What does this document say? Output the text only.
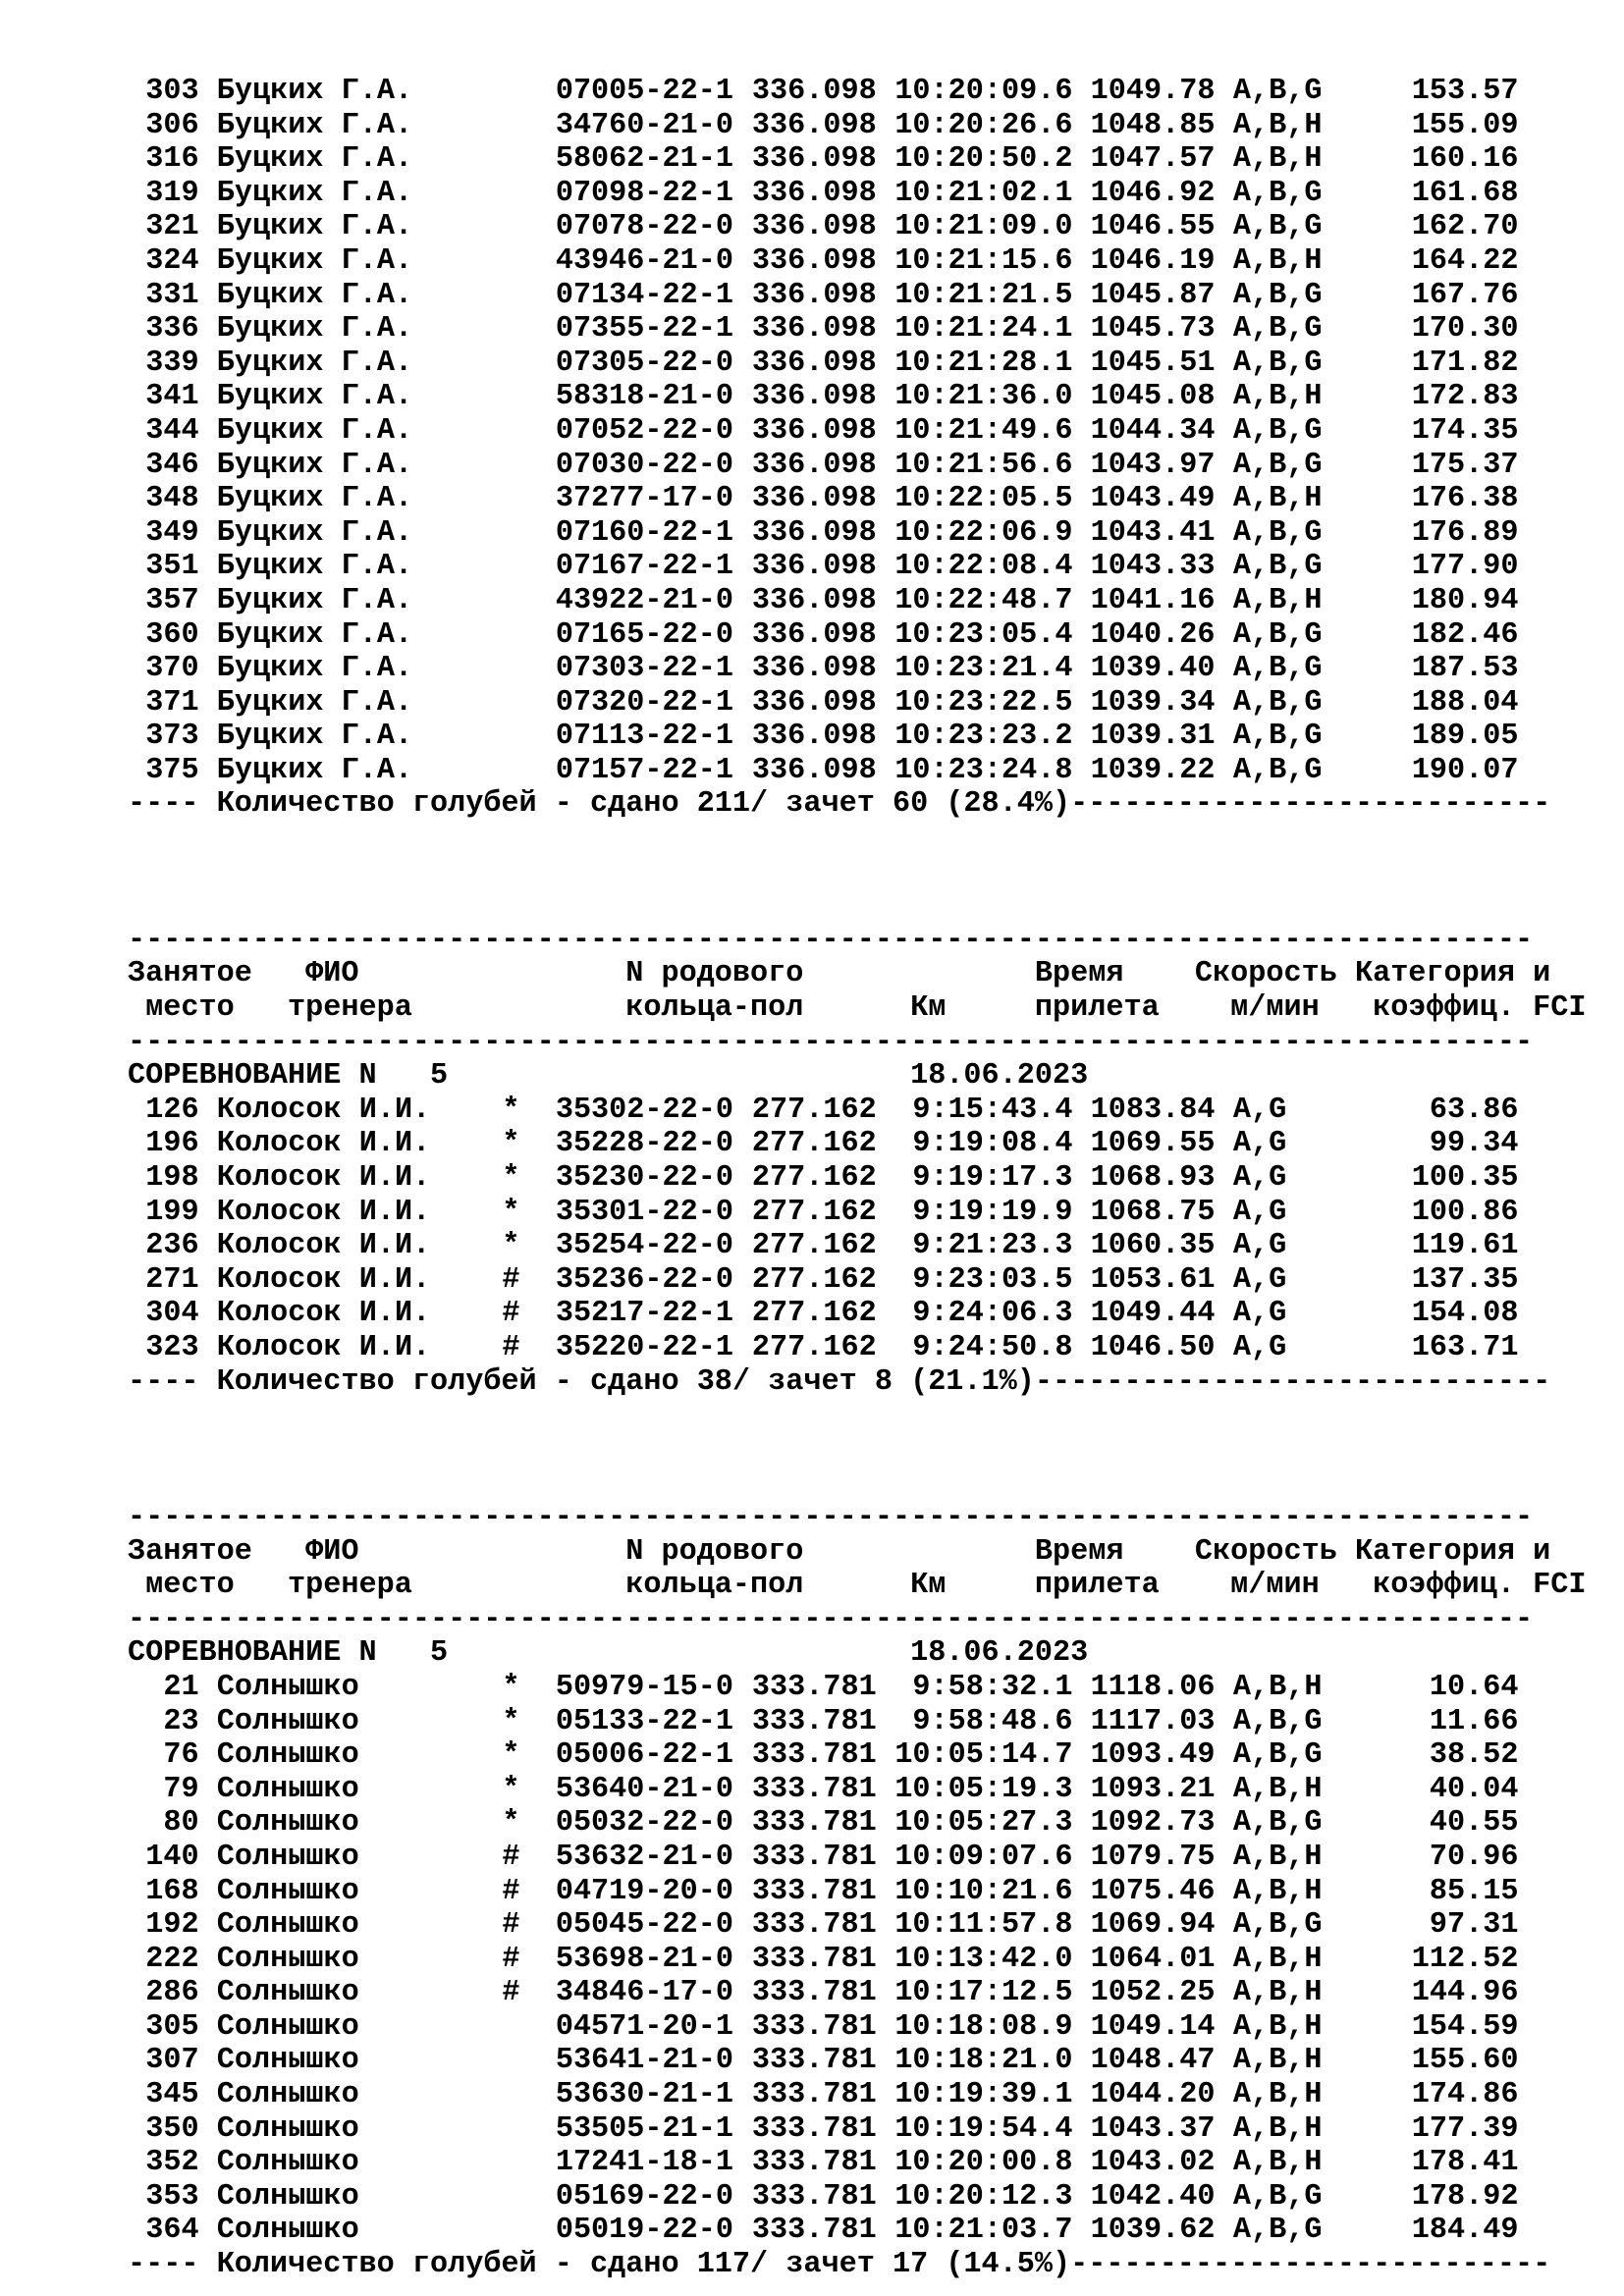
303 Буцких Г.А.	07005-22-1 336.098 10:20:09.6 1049.78 A,B,G	153.57
306 Буцких Г.А.	34760-21-0 336.098 10:20:26.6 1048.85 A,B,H	155.09
316 Буцких Г.А.	58062-21-1 336.098 10:20:50.2 1047.57 A,B,H	160.16
319 Буцких Г.А.	07098-22-1 336.098 10:21:02.1 1046.92 A,B,G	161.68
321 Буцких Г.А.	07078-22-0 336.098 10:21:09.0 1046.55 A,B,G	162.70
324 Буцких Г.А.	43946-21-0 336.098 10:21:15.6 1046.19 A,B,H	164.22
331 Буцких Г.А.	07134-22-1 336.098 10:21:21.5 1045.87 A,B,G	167.76
336 Буцких Г.А.	07355-22-1 336.098 10:21:24.1 1045.73 A,B,G	170.30
339 Буцких Г.А.	07305-22-0 336.098 10:21:28.1 1045.51 A,B,G	171.82
341 Буцких Г.А.	58318-21-0 336.098 10:21:36.0 1045.08 A,B,H	172.83
344 Буцких Г.А.	07052-22-0 336.098 10:21:49.6 1044.34 A,B,G	174.35
346 Буцких Г.А.	07030-22-0 336.098 10:21:56.6 1043.97 A,B,G	175.37
348 Буцких Г.А.	37277-17-0 336.098 10:22:05.5 1043.49 A,B,H	176.38
349 Буцких Г.А.	07160-22-1 336.098 10:22:06.9 1043.41 A,B,G	176.89
351 Буцких Г.А.	07167-22-1 336.098 10:22:08.4 1043.33 A,B,G	177.90
357 Буцких Г.А.	43922-21-0 336.098 10:22:48.7 1041.16 A,B,H	180.94
360 Буцких Г.А.	07165-22-0 336.098 10:23:05.4 1040.26 A,B,G	182.46
370 Буцких Г.А.	07303-22-1 336.098 10:23:21.4 1039.40 A,B,G	187.53
371 Буцких Г.А.	07320-22-1 336.098 10:23:22.5 1039.34 A,B,G	188.04
373 Буцких Г.А.	07113-22-1 336.098 10:23:23.2 1039.31 A,B,G	189.05
375 Буцких Г.А.	07157-22-1 336.098 10:23:24.8 1039.22 A,B,G	190.07
---- Количество голубей - сдано 211/ зачет 60 (28.4%)---------------------------
-------------------------------------------------------------------------------
Занятое   ФИО               N родового             Время    Скорость Категория и
место   тренера            кольца-пол      Км     прилета    м/мин   коэффиц. FCI
-------------------------------------------------------------------------------
СОРЕВНОВАНИЕ N   5                          18.06.2023
126 Колосок И.И.	* 35302-22-0 277.162	9:15:43.4 1083.84 A,G	63.86
196 Колосок И.И.	* 35228-22-0 277.162	9:19:08.4 1069.55 A,G	99.34
198 Колосок И.И.	* 35230-22-0 277.162	9:19:17.3 1068.93 A,G	100.35
199 Колосок И.И.	* 35301-22-0 277.162	9:19:19.9 1068.75 A,G	100.86
236 Колосок И.И.	* 35254-22-0 277.162	9:21:23.3 1060.35 A,G	119.61
271 Колосок И.И.	# 35236-22-0 277.162	9:23:03.5 1053.61 A,G	137.35
304 Колосок И.И.	# 35217-22-1 277.162	9:24:06.3 1049.44 A,G	154.08
323 Колосок И.И.	# 35220-22-1 277.162	9:24:50.8 1046.50 A,G	163.71
---- Количество голубей - сдано 38/ зачет 8 (21.1%)-----------------------------
-------------------------------------------------------------------------------
Занятое   ФИО               N родового             Время    Скорость Категория и
место   тренера            кольца-пол      Км     прилета    м/мин   коэффиц. FCI
-------------------------------------------------------------------------------
СОРЕВНОВАНИЕ N   5                          18.06.2023
21 Солнышко	* 50979-15-0 333.781	9:58:32.1 1118.06 A,B,H	10.64
23 Солнышко	* 05133-22-1 333.781	9:58:48.6 1117.03 A,B,G	11.66
76 Солнышко	* 05006-22-1 333.781 10:05:14.7 1093.49 A,B,G	38.52
79 Солнышко	* 53640-21-0 333.781 10:05:19.3 1093.21 A,B,H	40.04
80 Солнышко	* 05032-22-0 333.781 10:05:27.3 1092.73 A,B,G	40.55
140 Солнышко	# 53632-21-0 333.781 10:09:07.6 1079.75 A,B,H	70.96
168 Солнышко	# 04719-20-0 333.781 10:10:21.6 1075.46 A,B,H	85.15
192 Солнышко	# 05045-22-0 333.781 10:11:57.8 1069.94 A,B,G	97.31
222 Солнышко	# 53698-21-0 333.781 10:13:42.0 1064.01 A,B,H	112.52
286 Солнышко	# 34846-17-0 333.781 10:17:12.5 1052.25 A,B,H	144.96
305 Солнышко	04571-20-1 333.781 10:18:08.9 1049.14 A,B,H	154.59
307 Солнышко	53641-21-0 333.781 10:18:21.0 1048.47 A,B,H	155.60
345 Солнышко	53630-21-1 333.781 10:19:39.1 1044.20 A,B,H	174.86
350 Солнышко	53505-21-1 333.781 10:19:54.4 1043.37 A,B,H	177.39
352 Солнышко	17241-18-1 333.781 10:20:00.8 1043.02 A,B,H	178.41
353 Солнышко	05169-22-0 333.781 10:20:12.3 1042.40 A,B,G	178.92
364 Солнышко	05019-22-0 333.781 10:21:03.7 1039.62 A,B,G	184.49
---- Количество голубей - сдано 117/ зачет 17 (14.5%)---------------------------
